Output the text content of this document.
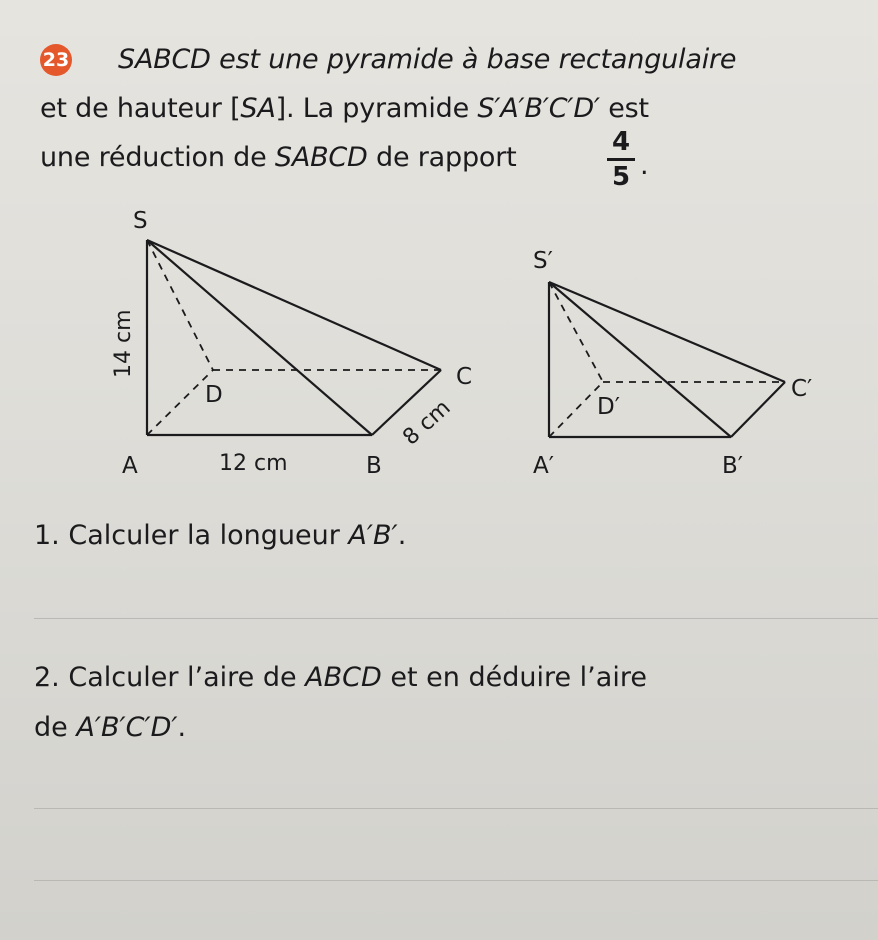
23 SABCD est une pyramide à base rectangulaire
et de hauteur [SA]. La pyramide S′A′B′C′D′ est
une réduction de SABCD de rapport	4
5 .
S
D
C
A	B
12 cm
14 cm
8 cm
S′
D′
C′
A′	B′
1. Calculer la longueur A′B′.
2. Calculer l’aire de ABCD et en déduire l’aire
de A′B′C′D′.
